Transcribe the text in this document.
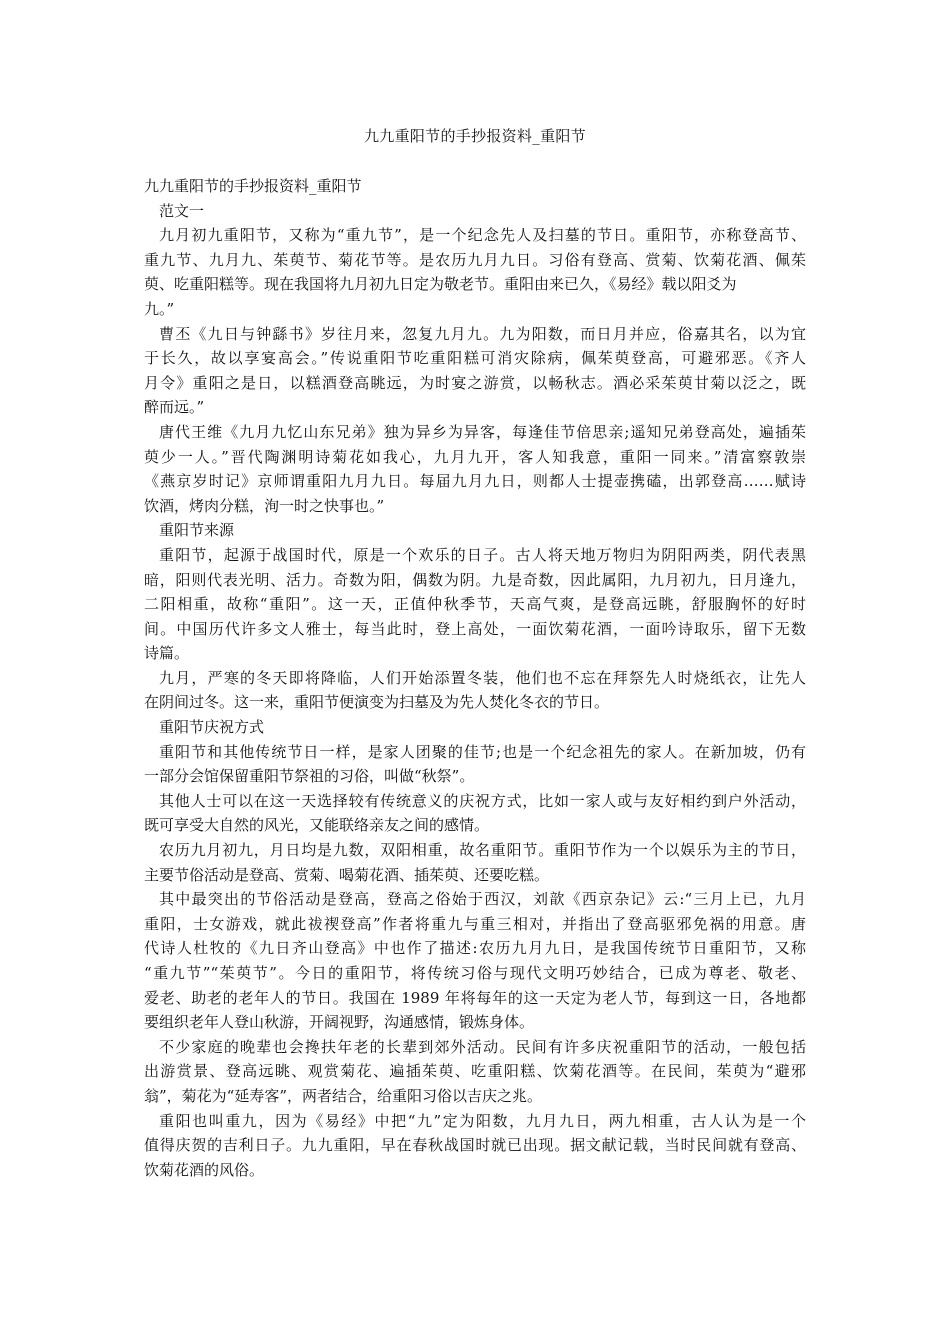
九九重阳节的手抄报资料_重阳节
九九重阳节的手抄报资料_重阳节
范文一
九月初九重阳节，又称为“重九节”，是一个纪念先人及扫墓的节日。重阳节，亦称登高节、
重九节、九月九、茱萸节、菊花节等。是农历九月九日。习俗有登高、赏菊、饮菊花酒、佩茱
萸、吃重阳糕等。现在我国将九月初九日定为敬老节。重阳由来已久，《易经》载以阳爻为
九。”
曹丕《九日与钟繇书》岁往月来，忽复九月九。九为阳数，而日月并应，俗嘉其名，以为宜
于长久，故以享宴高会。”传说重阳节吃重阳糕可消灾除病，佩茱萸登高，可避邪恶。《齐人
月令》重阳之是日，以糕酒登高眺远，为时宴之游赏，以畅秋志。酒必采茱萸甘菊以泛之，既
醉而远。”
唐代王维《九月九忆山东兄弟》独为异乡为异客，每逢佳节倍思亲;遥知兄弟登高处，遍插茱
萸少一人。”晋代陶渊明诗菊花如我心，九月九开，客人知我意，重阳一同来。”清富察敦崇
《燕京岁时记》京师谓重阳九月九日。每届九月九日，则都人士提壶携磕，出郭登高……赋诗
饮酒，烤肉分糕，洵一时之快事也。”
重阳节来源
重阳节，起源于战国时代，原是一个欢乐的日子。古人将天地万物归为阴阳两类，阴代表黑
暗，阳则代表光明、活力。奇数为阳，偶数为阴。九是奇数，因此属阳，九月初九，日月逢九，
二阳相重，故称“重阳”。这一天，正值仲秋季节，天高气爽，是登高远眺，舒服胸怀的好时
间。中国历代许多文人雅士，每当此时，登上高处，一面饮菊花酒，一面吟诗取乐，留下无数
诗篇。
九月，严寒的冬天即将降临，人们开始添置冬装，他们也不忘在拜祭先人时烧纸衣，让先人
在阴间过冬。这一来，重阳节便演变为扫墓及为先人焚化冬衣的节日。
重阳节庆祝方式
重阳节和其他传统节日一样，是家人团聚的佳节;也是一个纪念祖先的家人。在新加坡，仍有
一部分会馆保留重阳节祭祖的习俗，叫做“秋祭”。
其他人士可以在这一天选择较有传统意义的庆祝方式，比如一家人或与友好相约到户外活动，
既可享受大自然的风光，又能联络亲友之间的感情。
农历九月初九，月日均是九数，双阳相重，故名重阳节。重阳节作为一个以娱乐为主的节日，
主要节俗活动是登高、赏菊、喝菊花酒、插茱萸、还要吃糕。
其中最突出的节俗活动是登高，登高之俗始于西汉，刘歆《西京杂记》云:“三月上已，九月
重阳，士女游戏，就此祓禊登高”作者将重九与重三相对，并指出了登高驱邪免祸的用意。唐
代诗人杜牧的《九日齐山登高》中也作了描述:农历九月九日，是我国传统节日重阳节，又称
“重九节”“茱萸节”。今日的重阳节，将传统习俗与现代文明巧妙结合，已成为尊老、敬老、
爱老、助老的老年人的节日。我国在 1989 年将每年的这一天定为老人节，每到这一日，各地都
要组织老年人登山秋游，开阔视野，沟通感情，锻炼身体。
不少家庭的晚辈也会搀扶年老的长辈到郊外活动。民间有许多庆祝重阳节的活动，一般包括
出游赏景、登高远眺、观赏菊花、遍插茱萸、吃重阳糕、饮菊花酒等。在民间，茱萸为“避邪
翁”，菊花为“延寿客”，两者结合，给重阳习俗以吉庆之兆。
重阳也叫重九，因为《易经》中把“九”定为阳数，九月九日，两九相重，古人认为是一个
值得庆贺的吉利日子。九九重阳，早在春秋战国时就已出现。据文献记载，当时民间就有登高、
饮菊花酒的风俗。
